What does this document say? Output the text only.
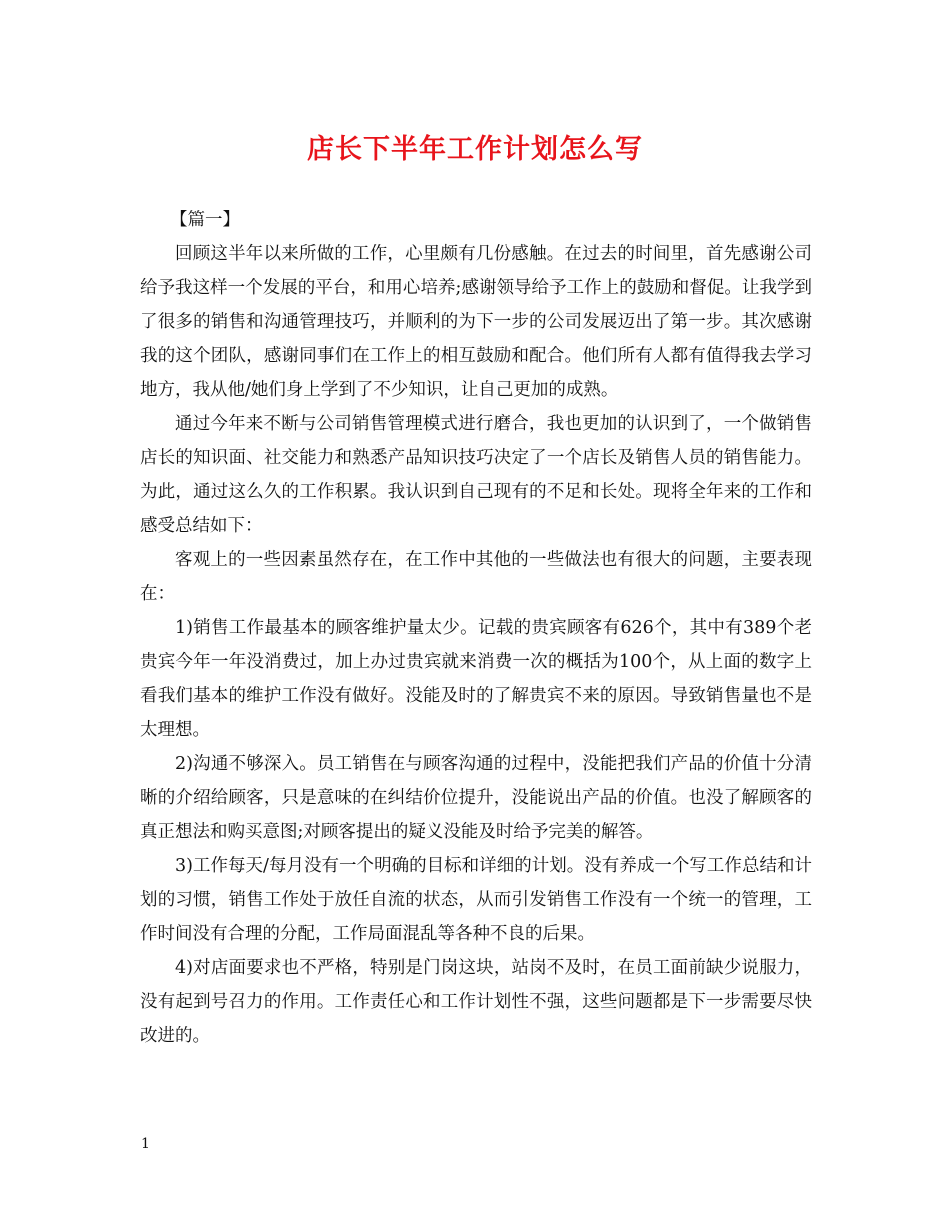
店长下半年工作计划怎么写

【篇一】

回顾这半年以来所做的工作，心里颇有几份感触。在过去的时间里，首先感谢公司给予我这样一个发展的平台，和用心培养;感谢领导给予工作上的鼓励和督促。让我学到了很多的销售和沟通管理技巧，并顺利的为下一步的公司发展迈出了第一步。其次感谢我的这个团队，感谢同事们在工作上的相互鼓励和配合。他们所有人都有值得我去学习地方，我从他/她们身上学到了不少知识，让自己更加的成熟。

通过今年来不断与公司销售管理模式进行磨合，我也更加的认识到了，一个做销售店长的知识面、社交能力和熟悉产品知识技巧决定了一个店长及销售人员的销售能力。为此，通过这么久的工作积累。我认识到自己现有的不足和长处。现将全年来的工作和感受总结如下：

客观上的一些因素虽然存在，在工作中其他的一些做法也有很大的问题，主要表现在：

1)销售工作最基本的顾客维护量太少。记载的贵宾顾客有626个，其中有389个老贵宾今年一年没消费过，加上办过贵宾就来消费一次的概括为100个，从上面的数字上看我们基本的维护工作没有做好。没能及时的了解贵宾不来的原因。导致销售量也不是太理想。

2)沟通不够深入。员工销售在与顾客沟通的过程中，没能把我们产品的价值十分清晰的介绍给顾客，只是意味的在纠结价位提升，没能说出产品的价值。也没了解顾客的真正想法和购买意图;对顾客提出的疑义没能及时给予完美的解答。

3)工作每天/每月没有一个明确的目标和详细的计划。没有养成一个写工作总结和计划的习惯，销售工作处于放任自流的状态，从而引发销售工作没有一个统一的管理，工作时间没有合理的分配，工作局面混乱等各种不良的后果。

4)对店面要求也不严格，特别是门岗这块，站岗不及时，在员工面前缺少说服力，没有起到号召力的作用。工作责任心和工作计划性不强，这些问题都是下一步需要尽快改进的。

1
